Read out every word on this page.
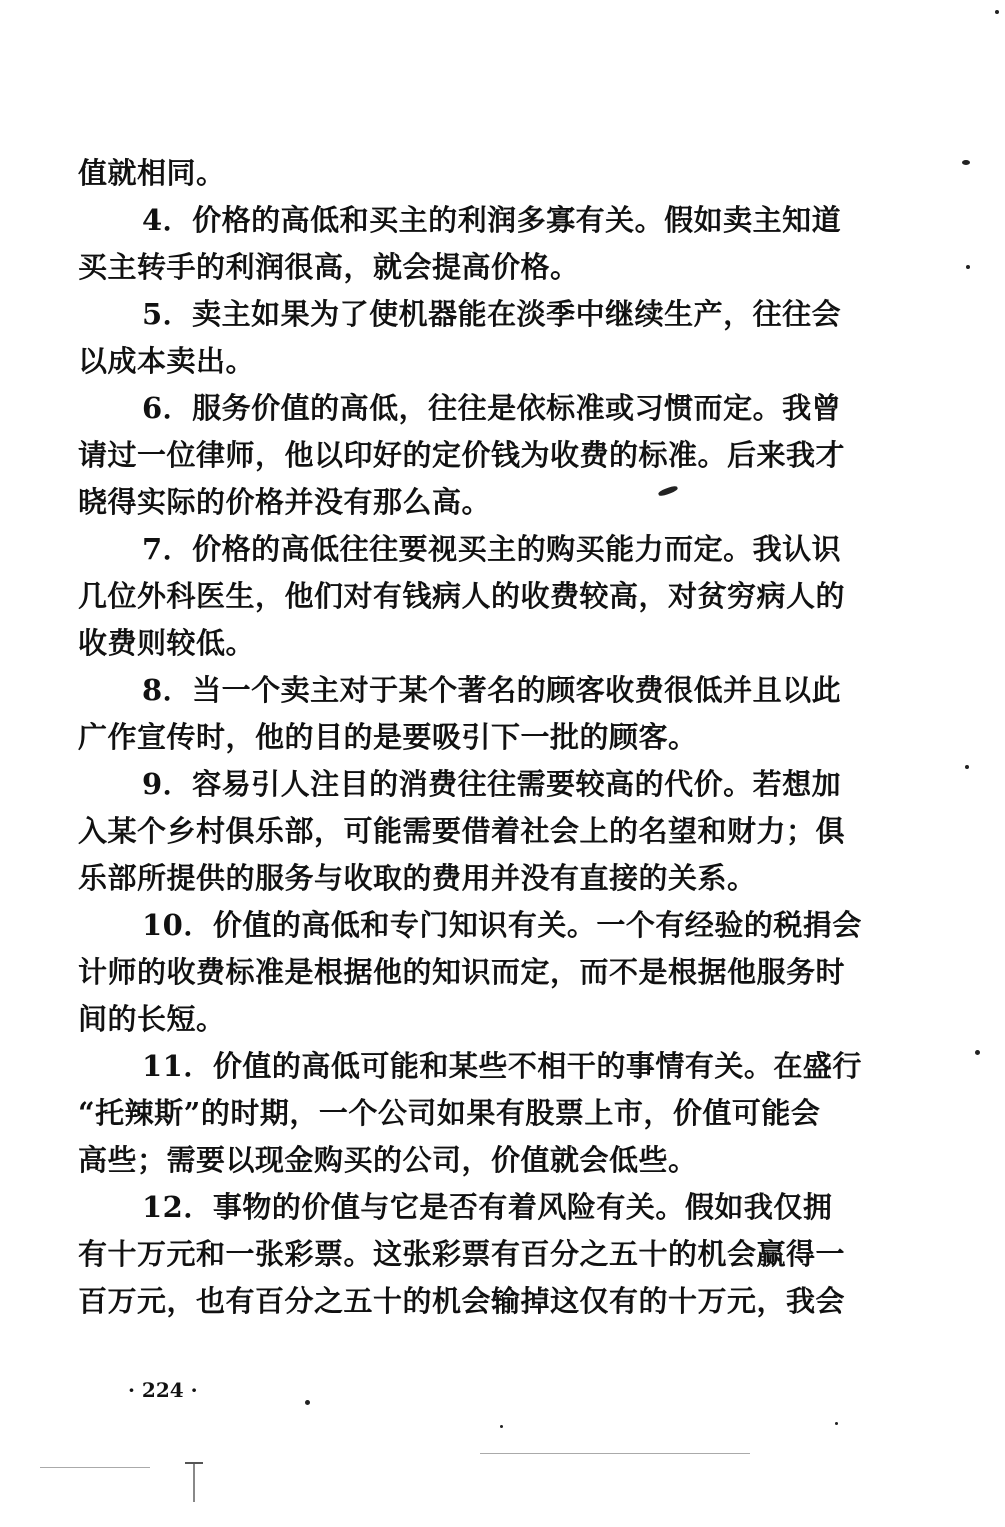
值就相同。
4．价格的高低和买主的利润多寡有关。假如卖主知道
买主转手的利润很高，就会提高价格。
5．卖主如果为了使机器能在淡季中继续生产，往往会
以成本卖出。
6．服务价值的高低，往往是依标准或习惯而定。我曾
请过一位律师，他以印好的定价钱为收费的标准。后来我才
晓得实际的价格并没有那么高。
7．价格的高低往往要视买主的购买能力而定。我认识
几位外科医生，他们对有钱病人的收费较高，对贫穷病人的
收费则较低。
8．当一个卖主对于某个著名的顾客收费很低并且以此
广作宣传时，他的目的是要吸引下一批的顾客。
9．容易引人注目的消费往往需要较高的代价。若想加
入某个乡村俱乐部，可能需要借着社会上的名望和财力；俱
乐部所提供的服务与收取的费用并没有直接的关系。
10．价值的高低和专门知识有关。一个有经验的税捐会
计师的收费标准是根据他的知识而定，而不是根据他服务时
间的长短。
11．价值的高低可能和某些不相干的事情有关。在盛行
“托辣斯”的时期，一个公司如果有股票上市，价值可能会
高些；需要以现金购买的公司，价值就会低些。
12．事物的价值与它是否有着风险有关。假如我仅拥
有十万元和一张彩票。这张彩票有百分之五十的机会赢得一
百万元，也有百分之五十的机会输掉这仅有的十万元，我会
· 224 ·
